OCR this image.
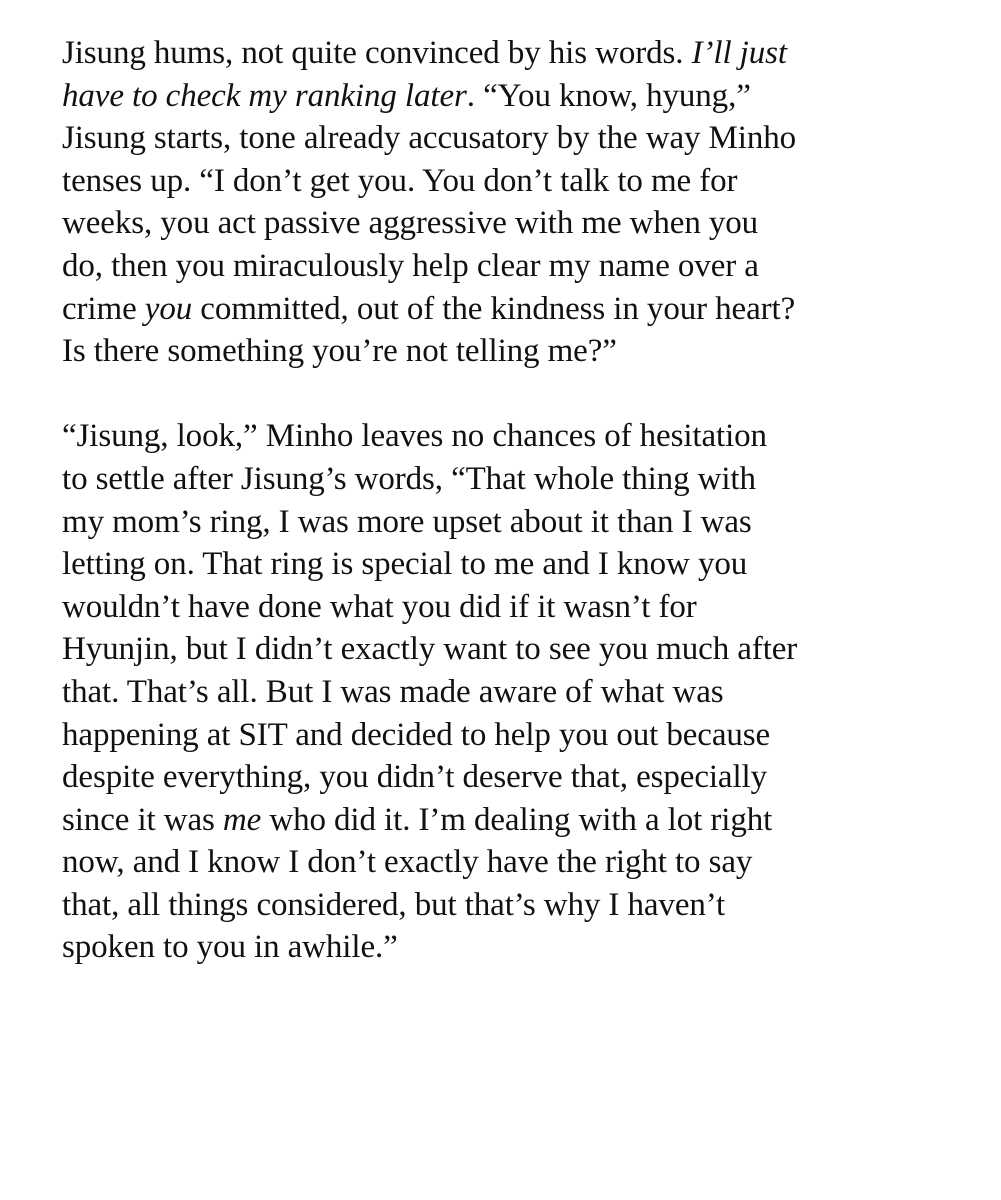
Jisung hums, not quite convinced by his words. I’ll just
have to check my ranking later. “You know, hyung,”
Jisung starts, tone already accusatory by the way Minho
tenses up. “I don’t get you. You don’t talk to me for
weeks, you act passive aggressive with me when you
do, then you miraculously help clear my name over a
crime you committed, out of the kindness in your heart?
Is there something you’re not telling me?”
“Jisung, look,” Minho leaves no chances of hesitation
to settle after Jisung’s words, “That whole thing with
my mom’s ring, I was more upset about it than I was
letting on. That ring is special to me and I know you
wouldn’t have done what you did if it wasn’t for
Hyunjin, but I didn’t exactly want to see you much after
that. That’s all. But I was made aware of what was
happening at SIT and decided to help you out because
despite everything, you didn’t deserve that, especially
since it was me who did it. I’m dealing with a lot right
now, and I know I don’t exactly have the right to say
that, all things considered, but that’s why I haven’t
spoken to you in awhile.”
